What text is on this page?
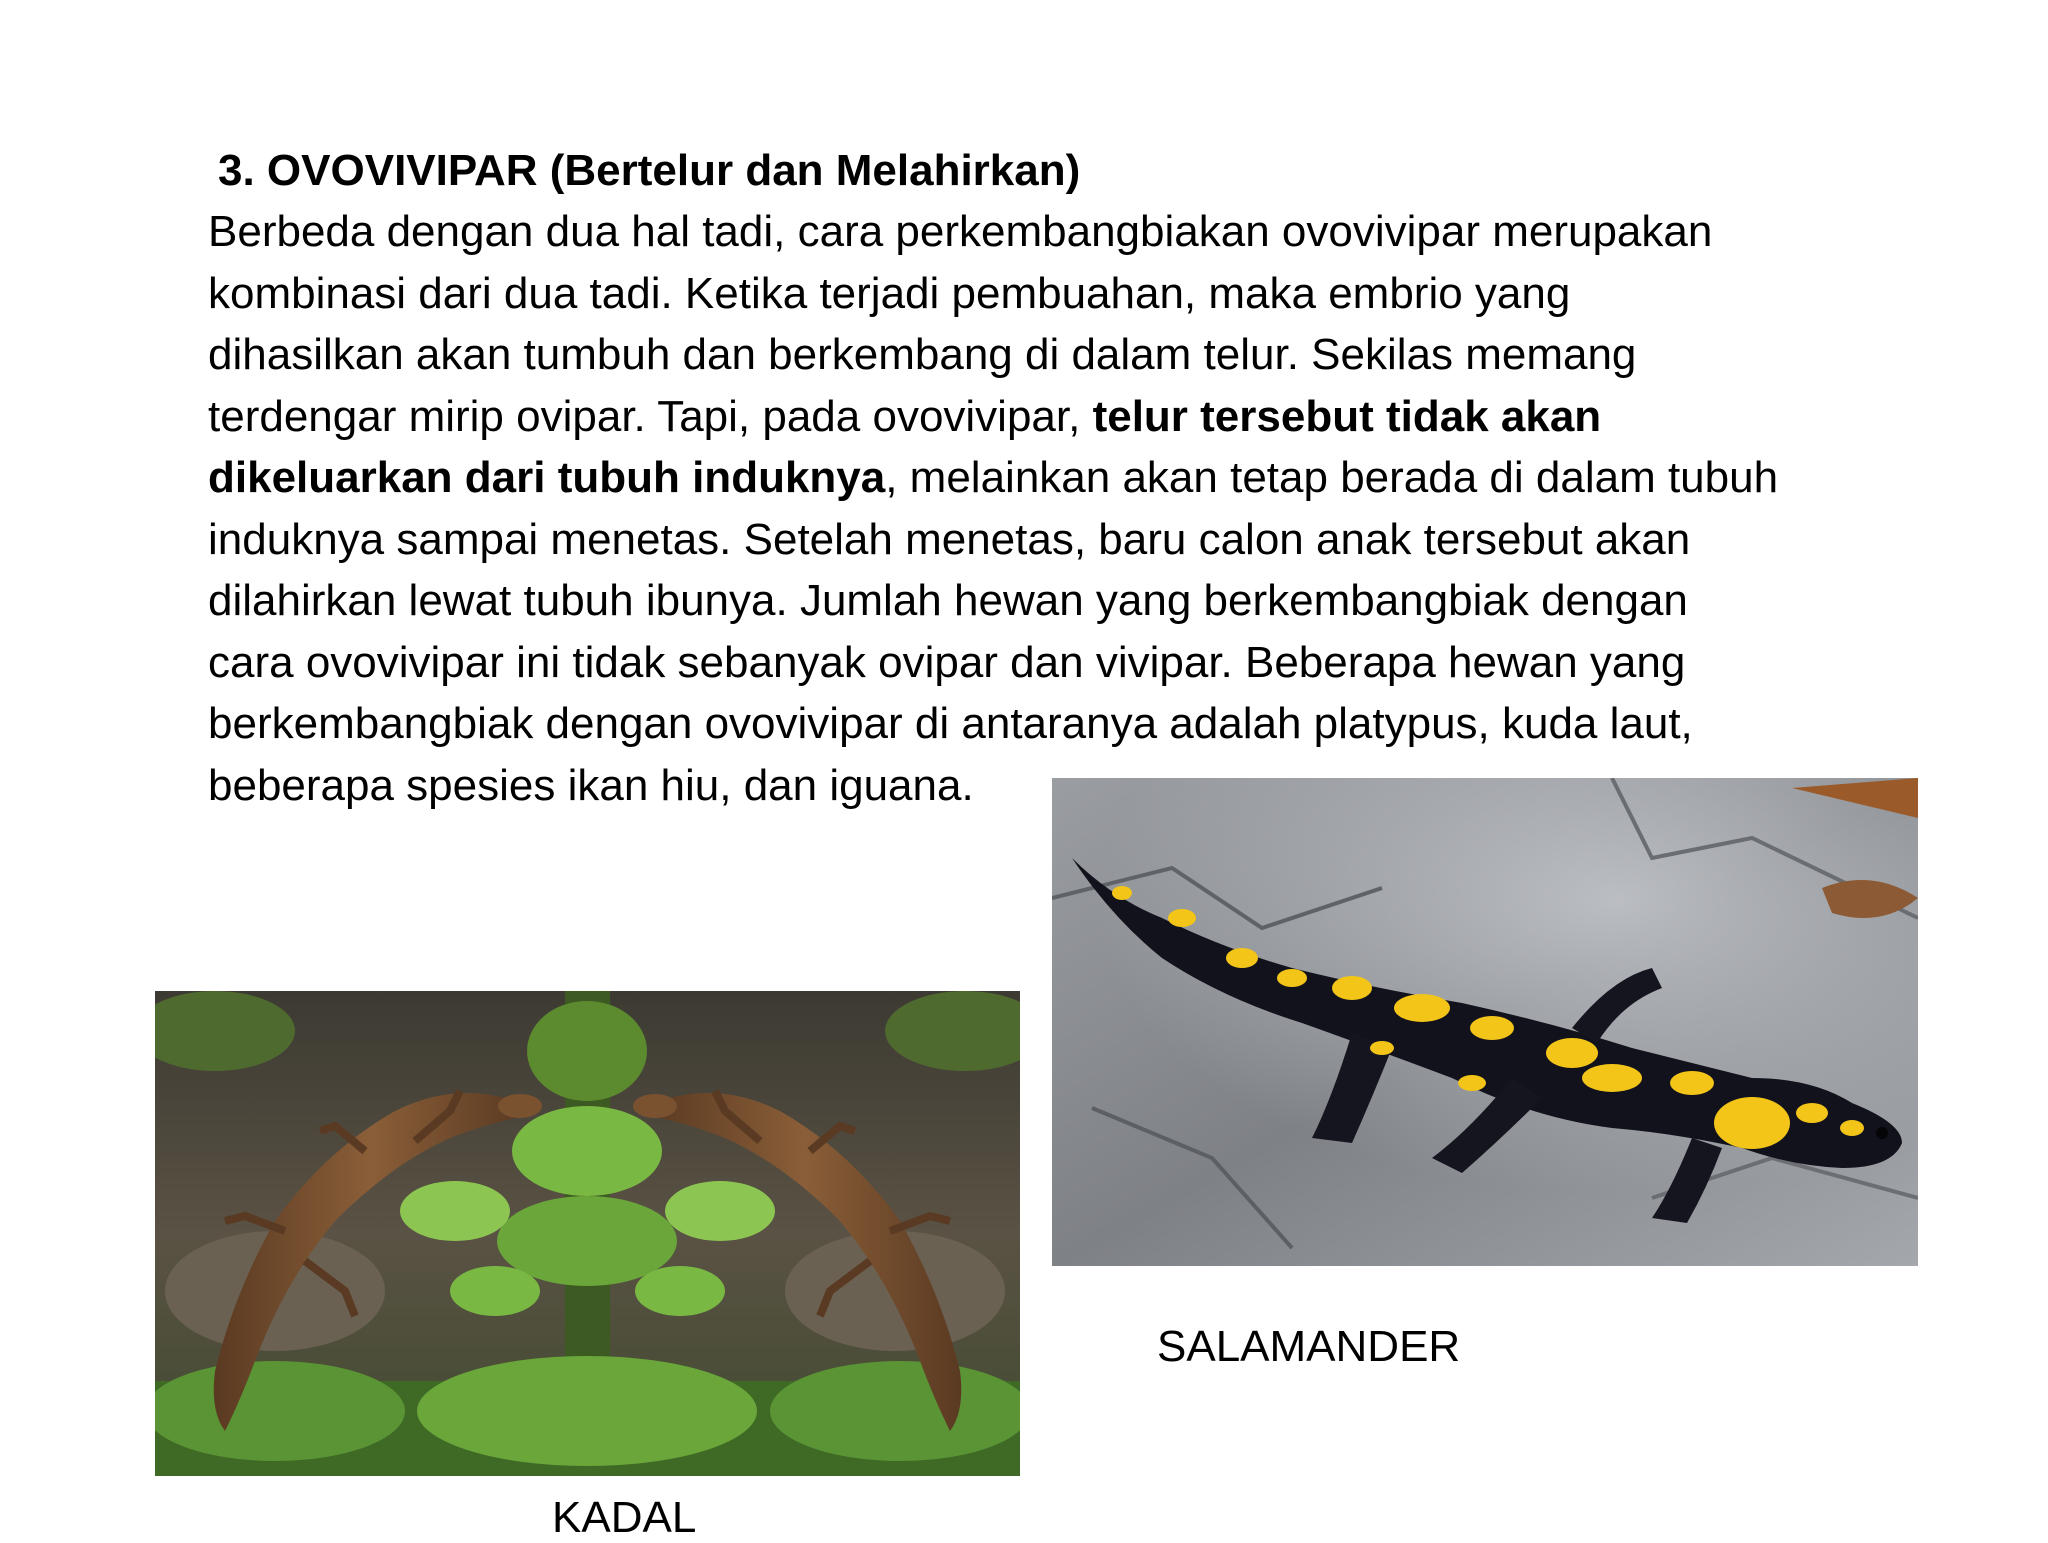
3. OVOVIVIPAR (Bertelur dan Melahirkan)
Berbeda dengan dua hal tadi, cara perkembangbiakan ovovivipar merupakan
kombinasi dari dua tadi. Ketika terjadi pembuahan, maka embrio yang
dihasilkan akan tumbuh dan berkembang di dalam telur. Sekilas memang
terdengar mirip ovipar. Tapi, pada ovovivipar, telur tersebut tidak akan
dikeluarkan dari tubuh induknya, melainkan akan tetap berada di dalam tubuh
induknya sampai menetas. Setelah menetas, baru calon anak tersebut akan
dilahirkan lewat tubuh ibunya. Jumlah hewan yang berkembangbiak dengan
cara ovovivipar ini tidak sebanyak ovipar dan vivipar. Beberapa hewan yang
berkembangbiak dengan ovovivipar di antaranya adalah platypus, kuda laut,
beberapa spesies ikan hiu, dan iguana.
SALAMANDER
KADAL
